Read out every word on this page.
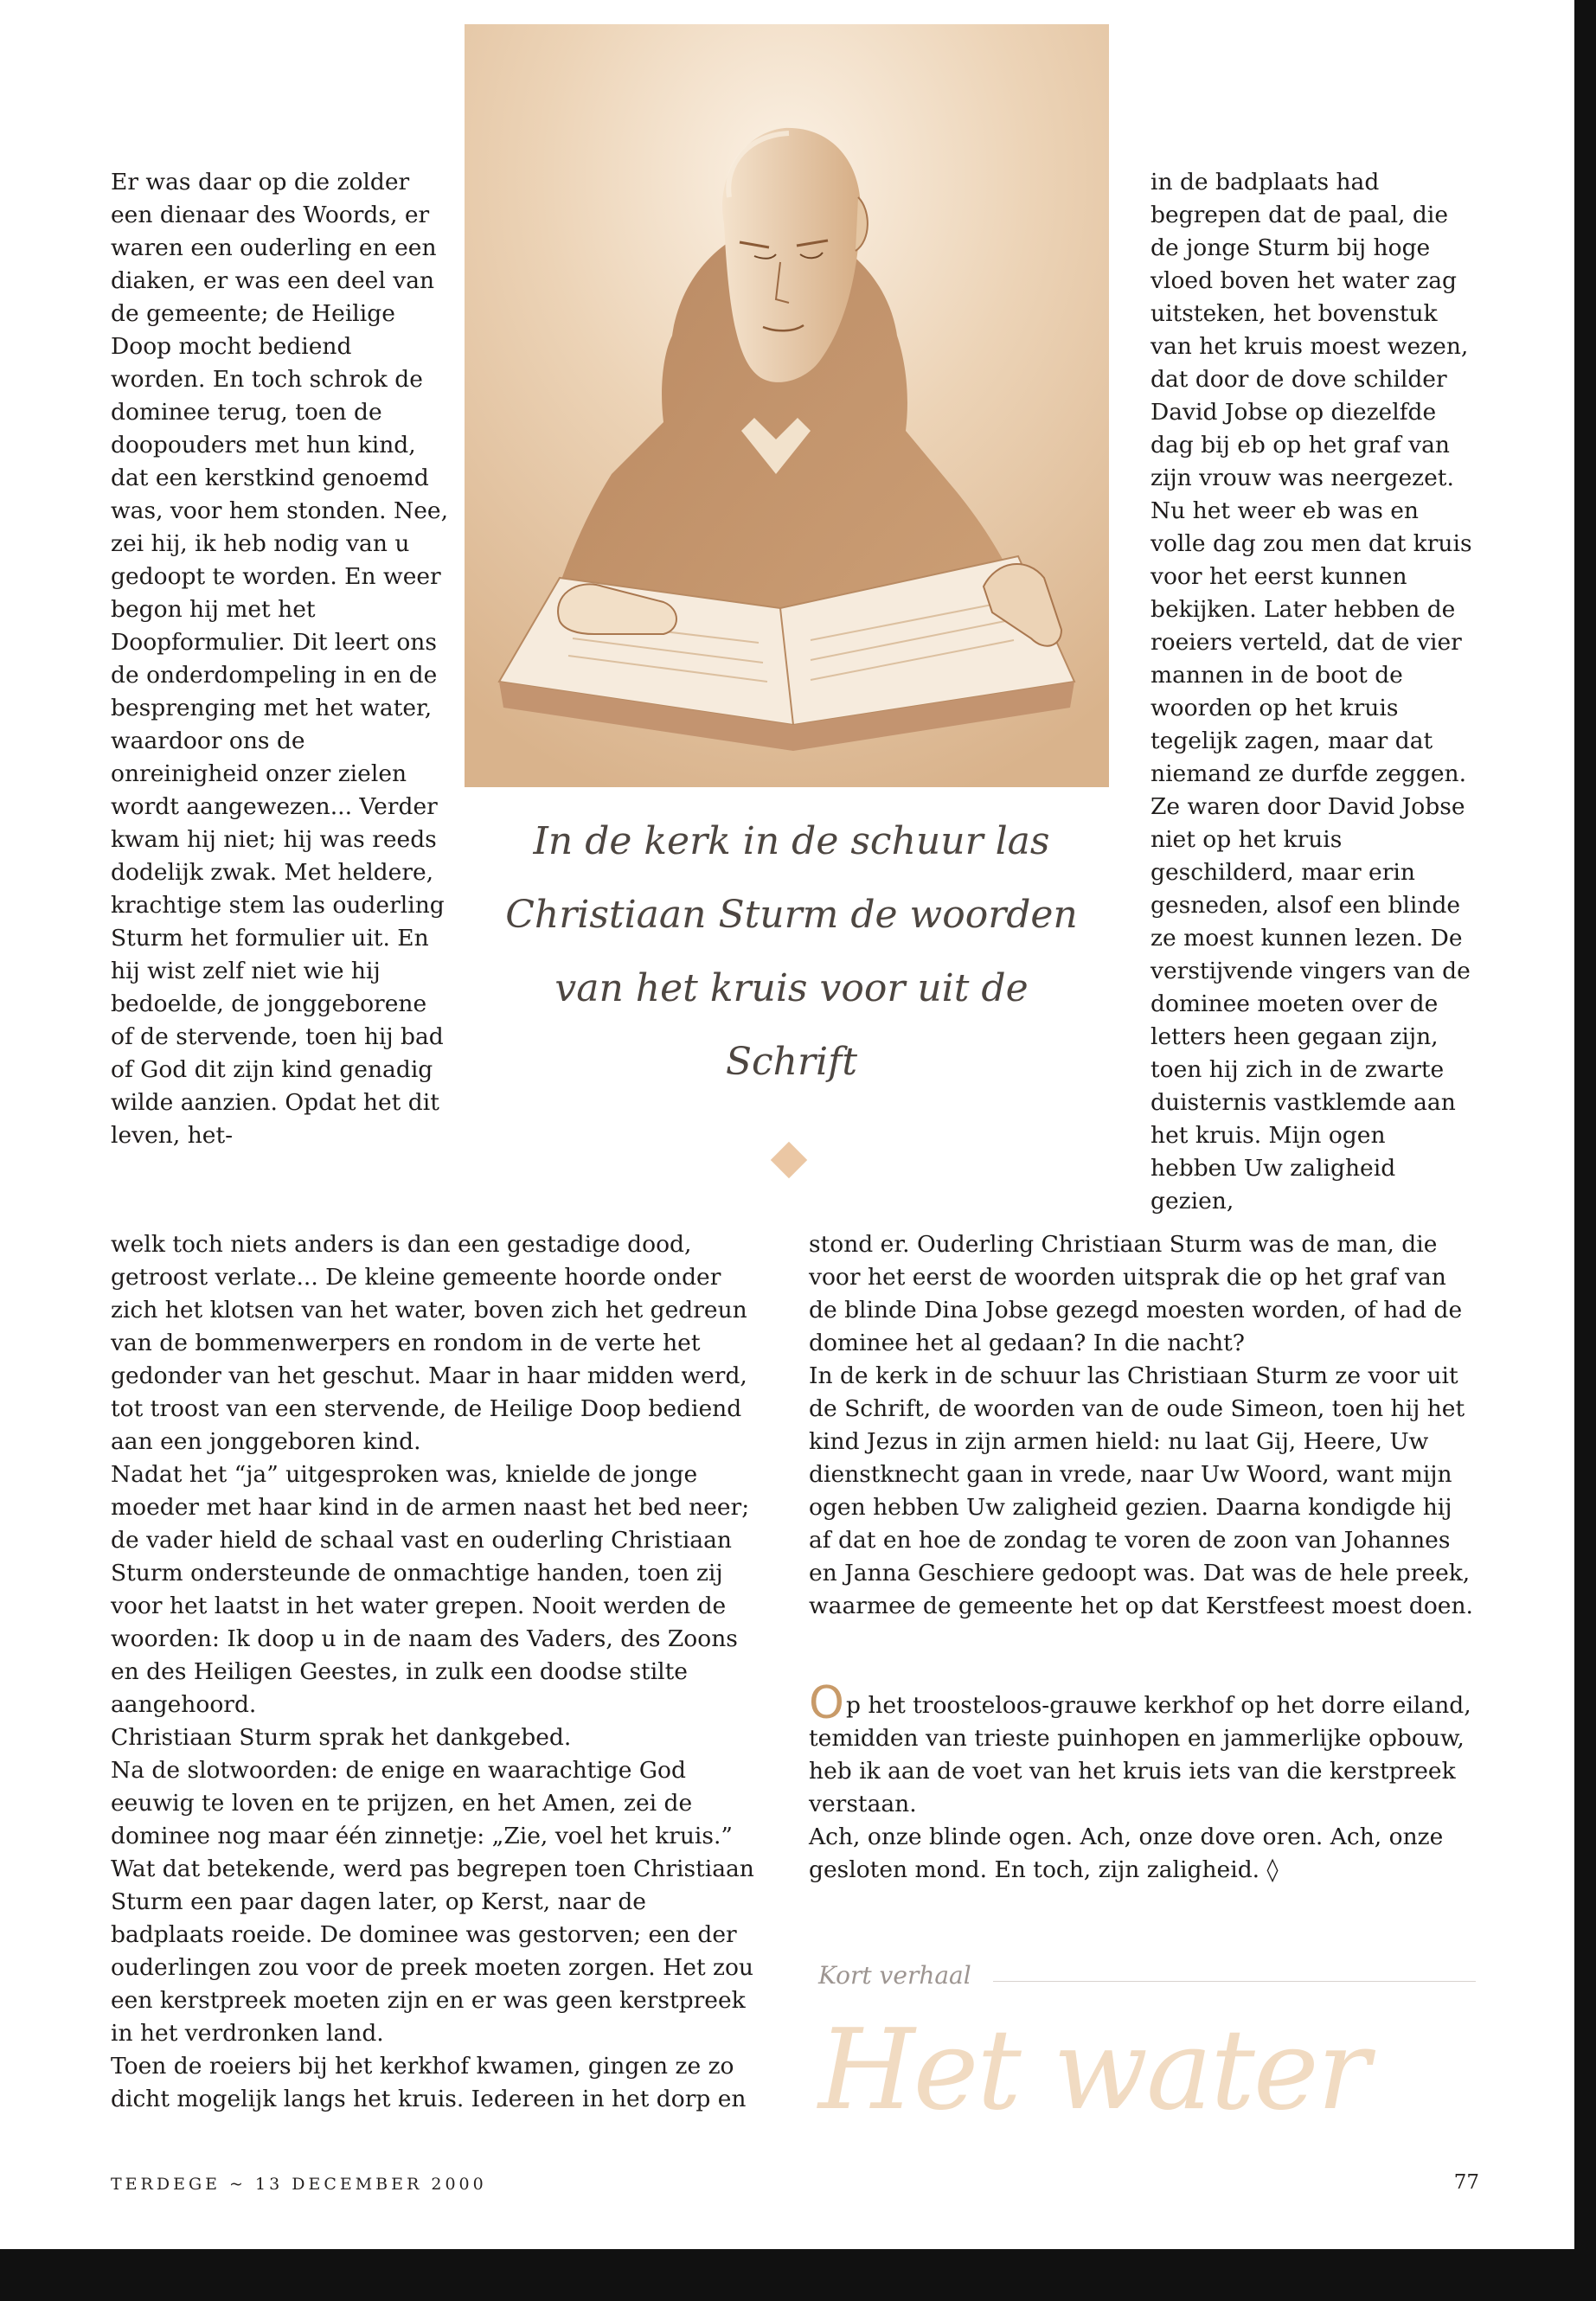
Er was daar op die zolder een dienaar des Woords, er waren een ouderling en een diaken, er was een deel van de gemeente; de Heilige Doop mocht bediend worden. En toch schrok de dominee terug, toen de doopouders met hun kind, dat een kerstkind genoemd was, voor hem stonden. Nee, zei hij, ik heb nodig van u gedoopt te worden. En weer begon hij met het Doopformulier. Dit leert ons de onderdompeling in en de besprenging met het water, waardoor ons de onreinigheid onzer zielen wordt aangewezen... Verder kwam hij niet; hij was reeds dodelijk zwak. Met heldere, krachtige stem las ouderling Sturm het formulier uit. En hij wist zelf niet wie hij bedoelde, de jonggeborene of de stervende, toen hij bad of God dit zijn kind genadig wilde aanzien. Opdat het dit leven, het-

in de badplaats had begrepen dat de paal, die de jonge Sturm bij hoge vloed boven het water zag uitsteken, het bovenstuk van het kruis moest wezen, dat door de dove schilder David Jobse op diezelfde dag bij eb op het graf van zijn vrouw was neergezet. Nu het weer eb was en volle dag zou men dat kruis voor het eerst kunnen bekijken. Later hebben de roeiers verteld, dat de vier mannen in de boot de woorden op het kruis tegelijk zagen, maar dat niemand ze durfde zeggen. Ze waren door David Jobse niet op het kruis geschilderd, maar erin gesneden, alsof een blinde ze moest kunnen lezen. De verstijvende vingers van de dominee moeten over de letters heen gegaan zijn, toen hij zich in de zwarte duisternis vastklemde aan het kruis. Mijn ogen hebben Uw zaligheid gezien,

In de kerk in de schuur las Christiaan Sturm de woorden van het kruis voor uit de Schrift

welk toch niets anders is dan een gestadige dood, getroost verlate... De kleine gemeente hoorde onder zich het klotsen van het water, boven zich het gedreun van de bommenwerpers en rondom in de verte het gedonder van het geschut. Maar in haar midden werd, tot troost van een stervende, de Heilige Doop bediend aan een jonggeboren kind.

Nadat het “ja” uitgesproken was, knielde de jonge moeder met haar kind in de armen naast het bed neer; de vader hield de schaal vast en ouderling Christiaan Sturm ondersteunde de onmachtige handen, toen zij voor het laatst in het water grepen. Nooit werden de woorden: Ik doop u in de naam des Vaders, des Zoons en des Heiligen Geestes, in zulk een doodse stilte aangehoord.

Christiaan Sturm sprak het dankgebed.

Na de slotwoorden: de enige en waarachtige God eeuwig te loven en te prijzen, en het Amen, zei de dominee nog maar één zinnetje: „Zie, voel het kruis.”

Wat dat betekende, werd pas begrepen toen Christiaan Sturm een paar dagen later, op Kerst, naar de badplaats roeide. De dominee was gestorven; een der ouderlingen zou voor de preek moeten zorgen. Het zou een kerstpreek moeten zijn en er was geen kerstpreek in het verdronken land.

Toen de roeiers bij het kerkhof kwamen, gingen ze zo dicht mogelijk langs het kruis. Iedereen in het dorp en

stond er. Ouderling Christiaan Sturm was de man, die voor het eerst de woorden uitsprak die op het graf van de blinde Dina Jobse gezegd moesten worden, of had de dominee het al gedaan? In die nacht?

In de kerk in de schuur las Christiaan Sturm ze voor uit de Schrift, de woorden van de oude Simeon, toen hij het kind Jezus in zijn armen hield: nu laat Gij, Heere, Uw dienstknecht gaan in vrede, naar Uw Woord, want mijn ogen hebben Uw zaligheid gezien. Daarna kondigde hij af dat en hoe de zondag te voren de zoon van Johannes en Janna Geschiere gedoopt was. Dat was de hele preek, waarmee de gemeente het op dat Kerstfeest moest doen.

Op het troosteloos-grauwe kerkhof op het dorre eiland, temidden van trieste puinhopen en jammerlijke opbouw, heb ik aan de voet van het kruis iets van die kerstpreek verstaan.

Ach, onze blinde ogen. Ach, onze dove oren. Ach, onze gesloten mond. En toch, zijn zaligheid. ◊

Kort verhaal

Het water

TERDEGE ~ 13 DECEMBER 2000	77
